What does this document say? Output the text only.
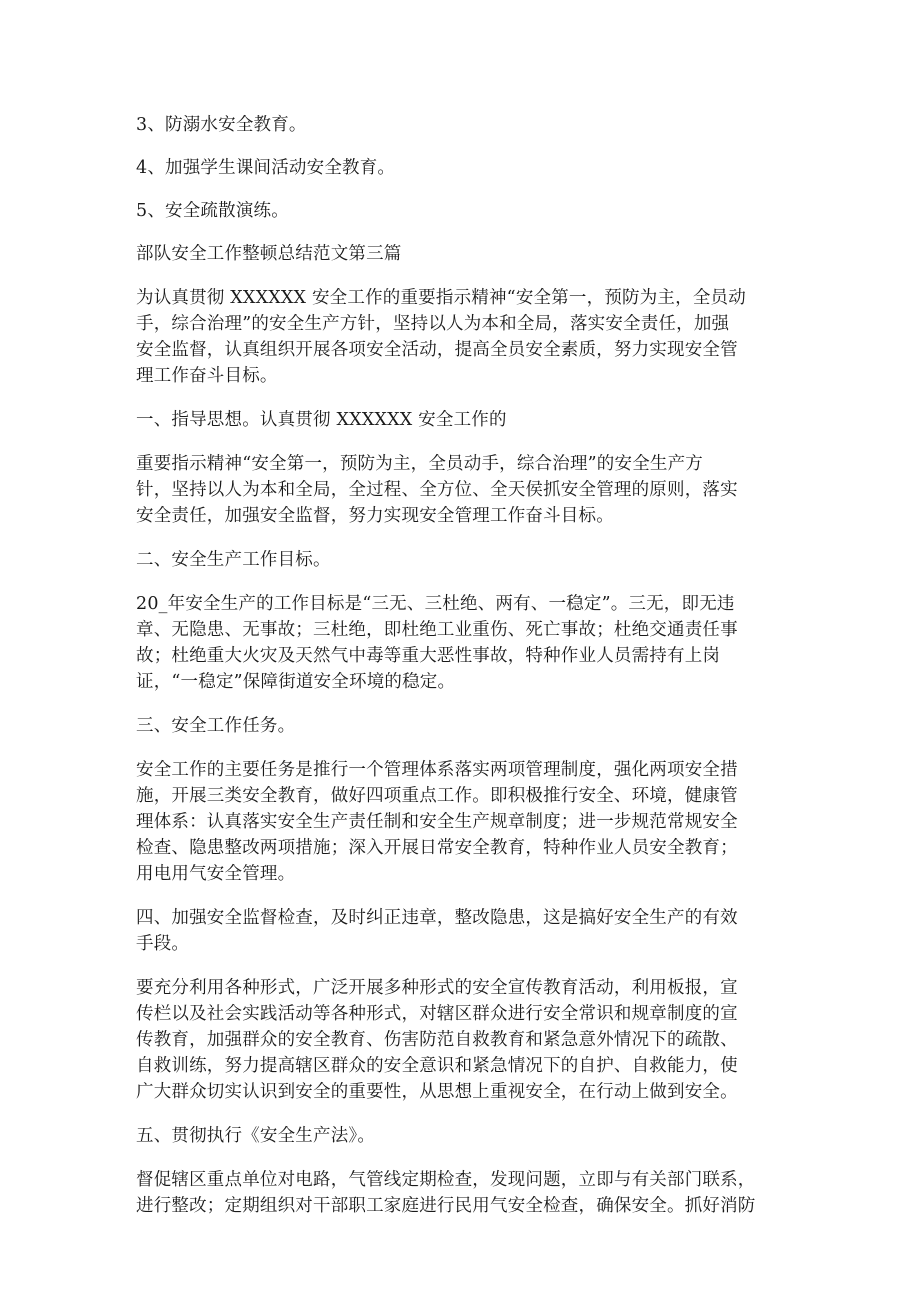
3、防溺水安全教育。
4、加强学生课间活动安全教育。
5、安全疏散演练。
部队安全工作整顿总结范文第三篇
为认真贯彻 XXXXXX 安全工作的重要指示精神“安全第一，预防为主，全员动
手，综合治理”的安全生产方针，坚持以人为本和全局，落实安全责任，加强
安全监督，认真组织开展各项安全活动，提高全员安全素质，努力实现安全管
理工作奋斗目标。
一、指导思想。认真贯彻 XXXXXX 安全工作的
重要指示精神“安全第一，预防为主，全员动手，综合治理”的安全生产方
针，坚持以人为本和全局，全过程、全方位、全天侯抓安全管理的原则，落实
安全责任，加强安全监督，努力实现安全管理工作奋斗目标。
二、安全生产工作目标。
20_年安全生产的工作目标是“三无、三杜绝、两有、一稳定”。三无，即无违
章、无隐患、无事故；三杜绝，即杜绝工业重伤、死亡事故；杜绝交通责任事
故；杜绝重大火灾及天然气中毒等重大恶性事故，特种作业人员需持有上岗
证，“一稳定”保障街道安全环境的稳定。
三、安全工作任务。
安全工作的主要任务是推行一个管理体系落实两项管理制度，强化两项安全措
施，开展三类安全教育，做好四项重点工作。即积极推行安全、环境，健康管
理体系：认真落实安全生产责任制和安全生产规章制度；进一步规范常规安全
检查、隐患整改两项措施；深入开展日常安全教育，特种作业人员安全教育；
用电用气安全管理。
四、加强安全监督检查，及时纠正违章，整改隐患，这是搞好安全生产的有效
手段。
要充分利用各种形式，广泛开展多种形式的安全宣传教育活动，利用板报，宣
传栏以及社会实践活动等各种形式，对辖区群众进行安全常识和规章制度的宣
传教育，加强群众的安全教育、伤害防范自救教育和紧急意外情况下的疏散、
自救训练，努力提高辖区群众的安全意识和紧急情况下的自护、自救能力，使
广大群众切实认识到安全的重要性，从思想上重视安全，在行动上做到安全。
五、贯彻执行《安全生产法》。
督促辖区重点单位对电路，气管线定期检查，发现问题，立即与有关部门联系，
进行整改；定期组织对干部职工家庭进行民用气安全检查，确保安全。抓好消防
